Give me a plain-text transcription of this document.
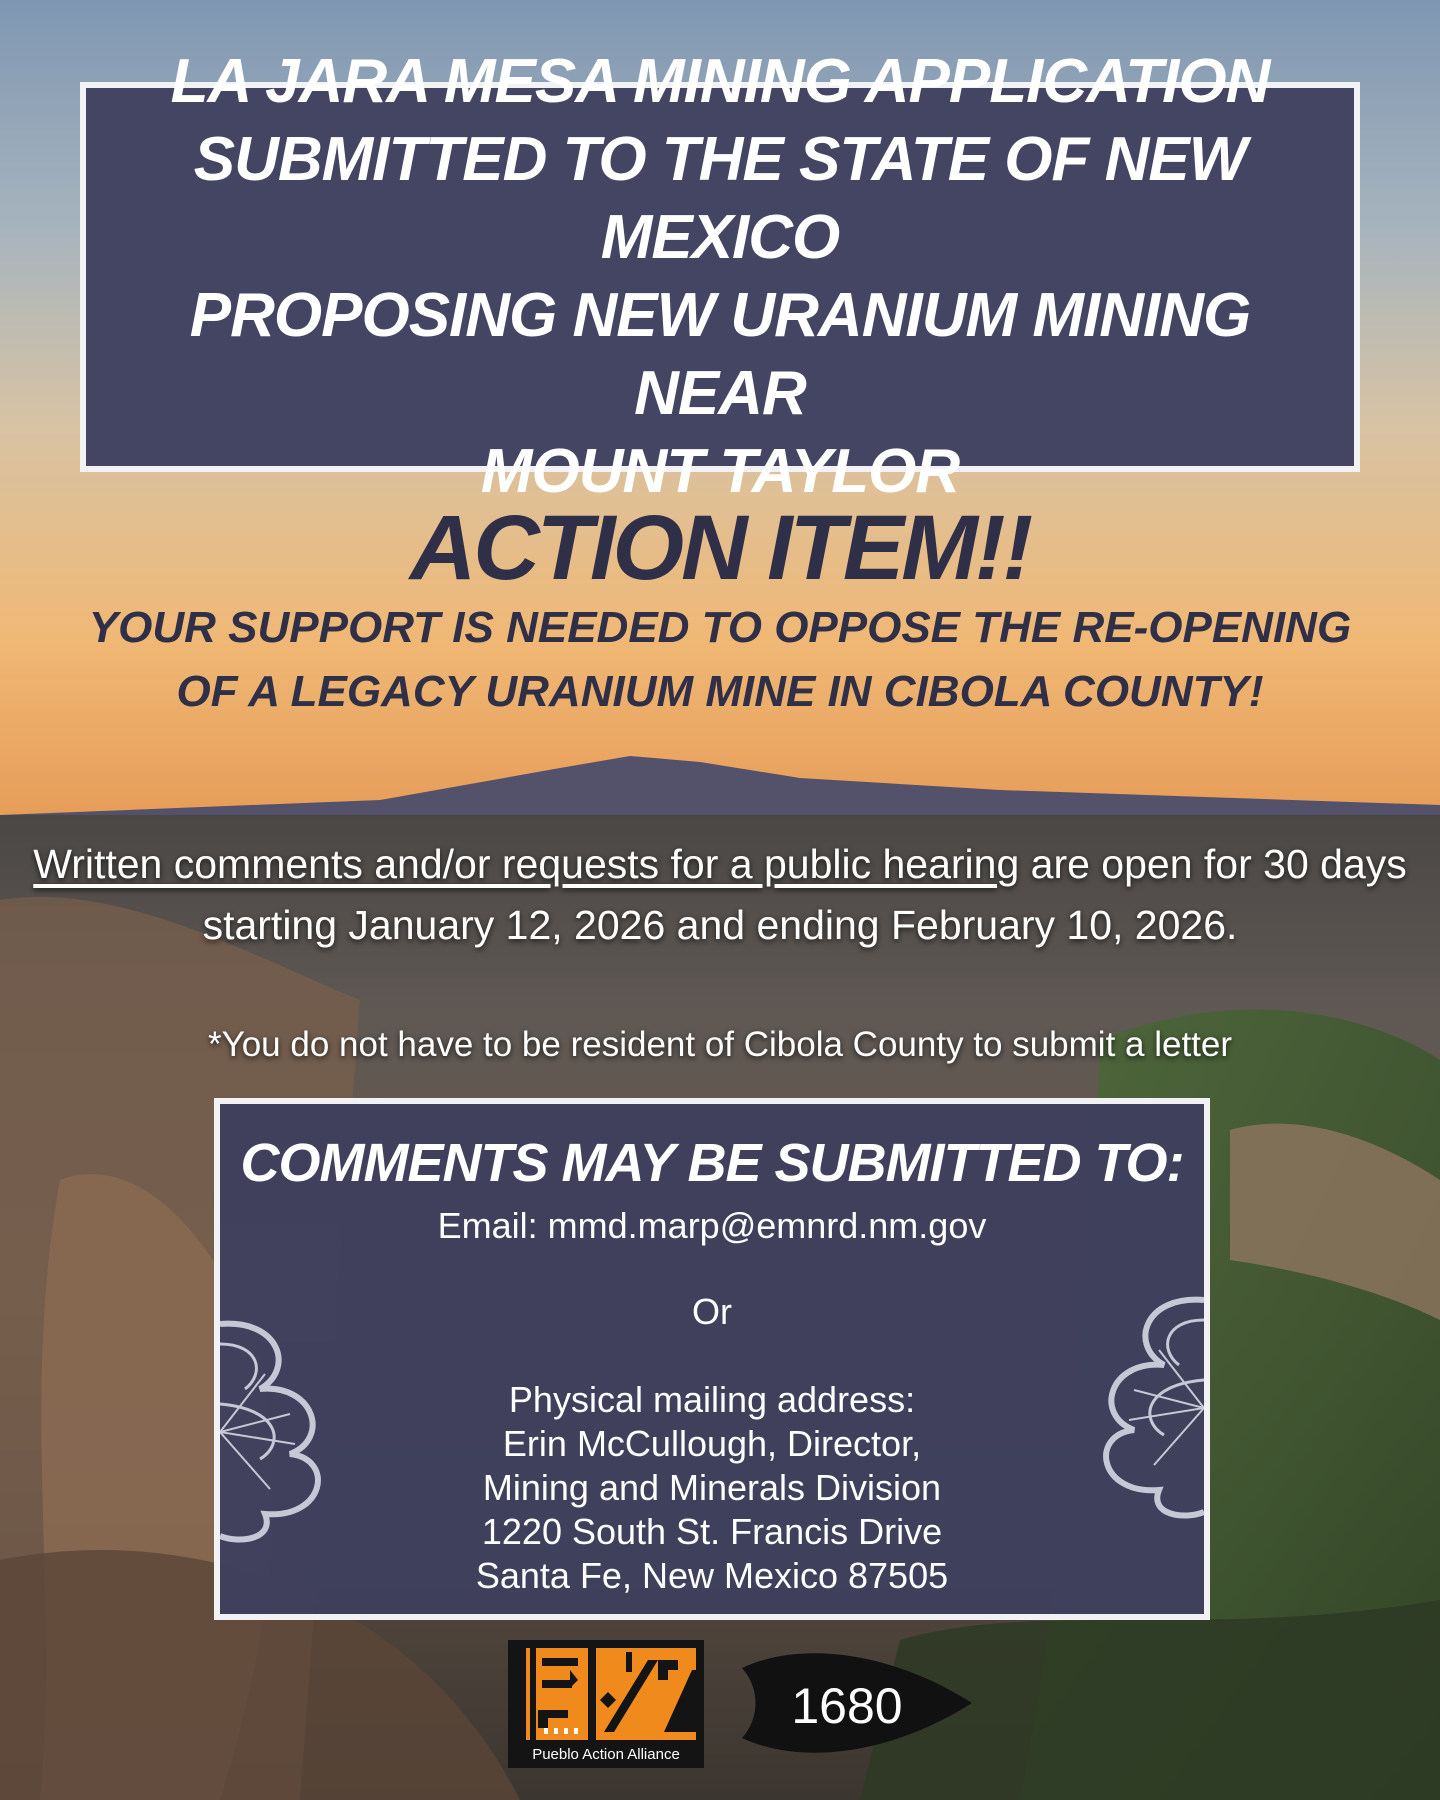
LA JARA MESA MINING APPLICATION
SUBMITTED TO THE STATE OF NEW MEXICO
PROPOSING NEW URANIUM MINING NEAR
MOUNT TAYLOR
ACTION ITEM!!
YOUR SUPPORT IS NEEDED TO OPPOSE THE RE-OPENING
OF A LEGACY URANIUM MINE IN CIBOLA COUNTY!
Written comments and/or requests for a public hearing are open for 30 days starting January 12, 2026 and ending February 10, 2026.
*You do not have to be resident of Cibola County to submit a letter
COMMENTS MAY BE SUBMITTED TO:
Email: mmd.marp@emnrd.nm.gov
Or
Physical mailing address:
Erin McCullough, Director,
Mining and Minerals Division
1220 South St. Francis Drive
Santa Fe, New Mexico 87505
Pueblo Action Alliance
1680
